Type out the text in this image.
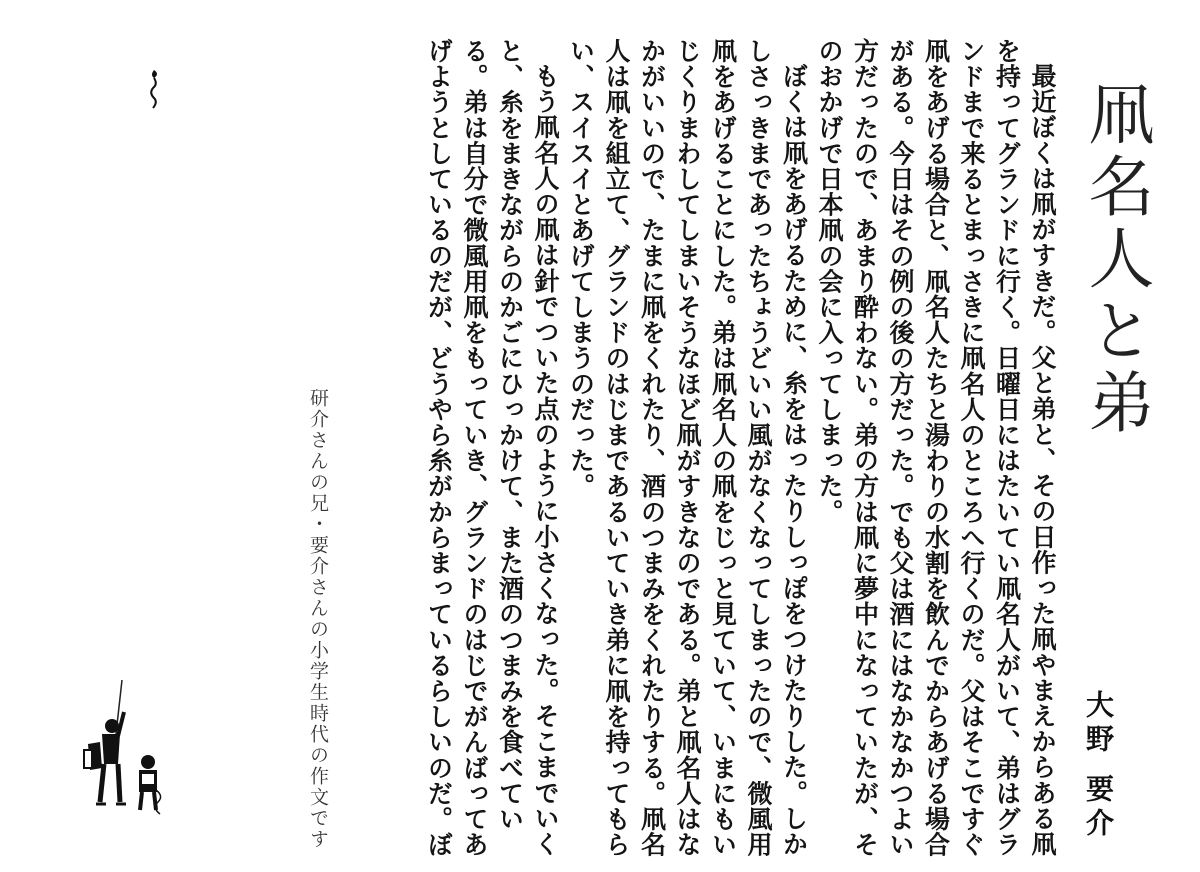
凧名人と弟
大野 要介

最近ぼくは凧がすきだ。父と弟と、その日作った凧やまえからある凧を持ってグランドに行く。日曜日にはたいてい凧名人がいて、弟はグランドまで来るとまっさきに凧名人のところへ行くのだ。父はそこですぐ凧をあげる場合と、凧名人たちと湯わりの水割を飲んでからあげる場合がある。今日はその例の後の方だった。でも父は酒にはなかなかつよい方だったので、あまり酔わない。弟の方は凧に夢中になっていたが、そのおかげで日本凧の会に入ってしまった。

ぼくは凧をあげるために、糸をはったりしっぽをつけたりした。しかしさっきまであったちょうどいい風がなくなってしまったので、微風用凧をあげることにした。弟は凧名人の凧をじっと見ていて、いまにもいじくりまわしてしまいそうなほど凧がすきなのである。弟と凧名人はなかがいいので、たまに凧をくれたり、酒のつまみをくれたりする。凧名人は凧を組立て、グランドのはじまであるいていき弟に凧を持ってもらい、スイスイとあげてしまうのだった。

もう凧名人の凧は針でついた点のように小さくなった。そこまでいくと、糸をまきながらのかごにひっかけて、また酒のつまみを食べている。弟は自分で微風用凧をもっていき、グランドのはじでがんばってあげようとしているのだが、どうやら糸がからまっているらしいのだ。ぼ

研介さんの兄・要介さんの小学生時代の作文です
